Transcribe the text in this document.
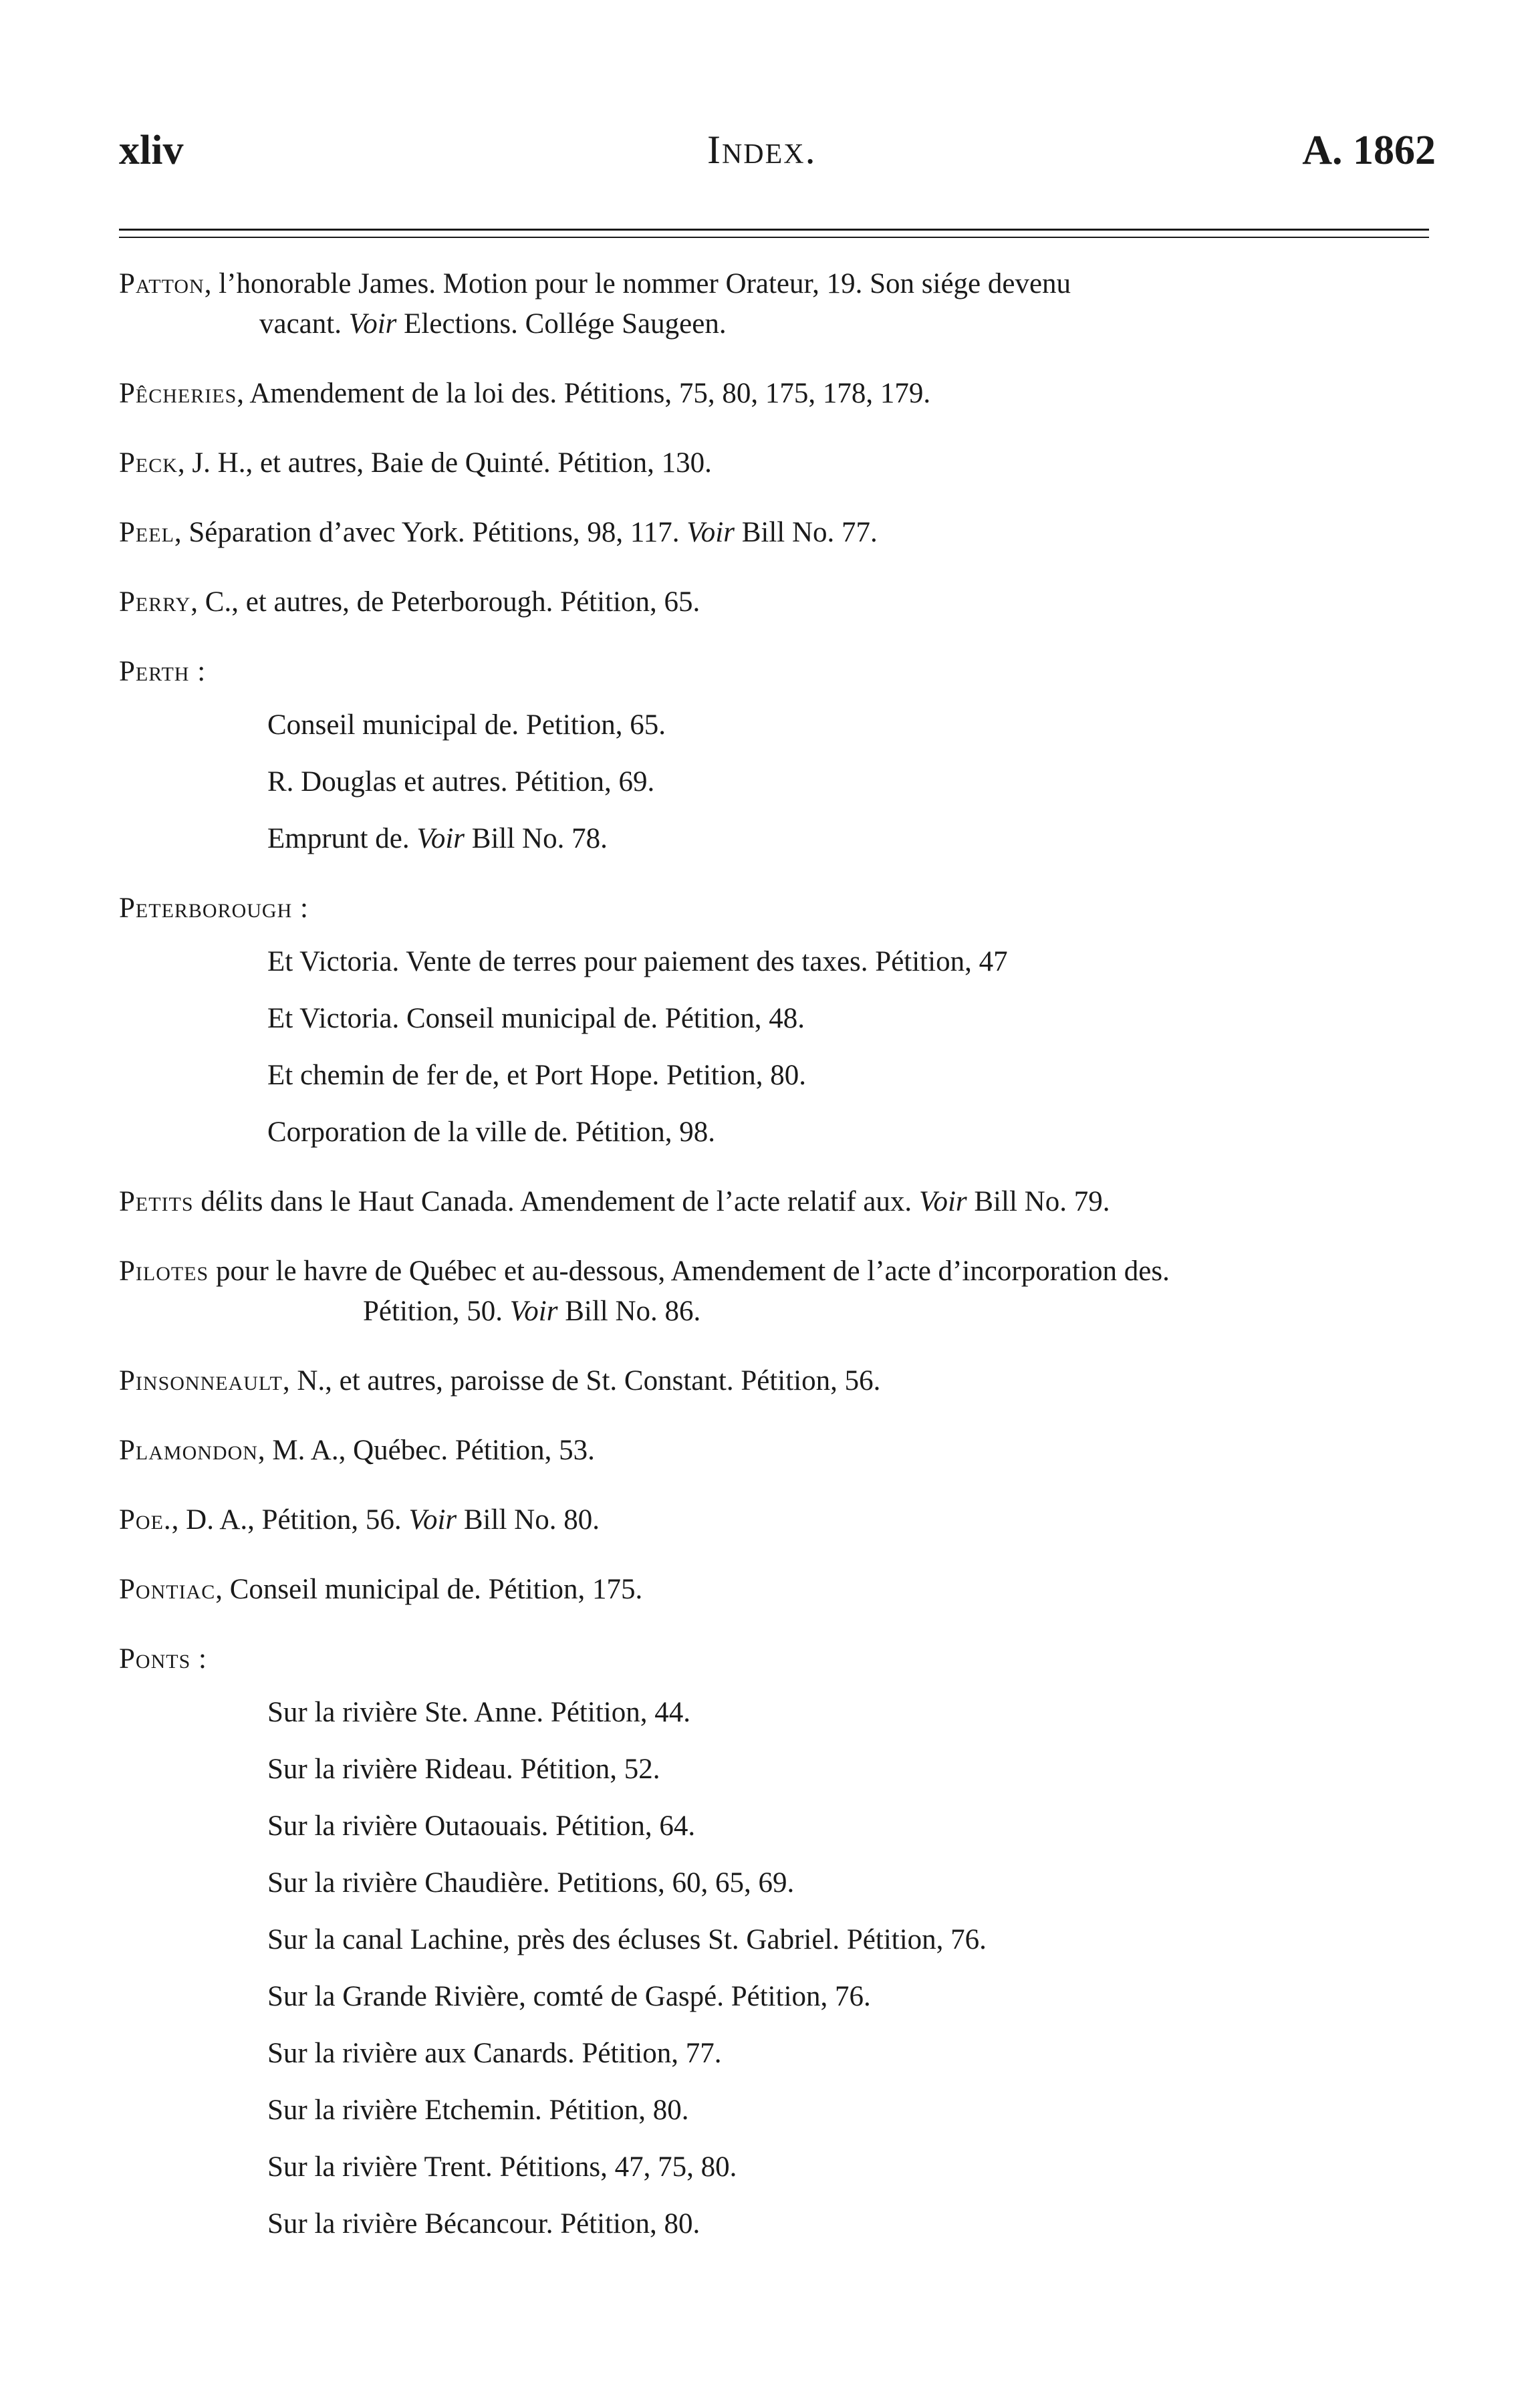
xliv	Index.	A. 1862
Patton, l’honorable James. Motion pour le nommer Orateur, 19. Son siége devenu
vacant. Voir Elections. Collége Saugeen.
Pêcheries, Amendement de la loi des. Pétitions, 75, 80, 175, 178, 179.
Peck, J. H., et autres, Baie de Quinté. Pétition, 130.
Peel, Séparation d’avec York. Pétitions, 98, 117. Voir Bill No. 77.
Perry, C., et autres, de Peterborough. Pétition, 65.
Perth :
Conseil municipal de. Petition, 65.
R. Douglas et autres. Pétition, 69.
Emprunt de. Voir Bill No. 78.
Peterborough :
Et Victoria. Vente de terres pour paiement des taxes. Pétition, 47
Et Victoria. Conseil municipal de. Pétition, 48.
Et chemin de fer de, et Port Hope. Petition, 80.
Corporation de la ville de. Pétition, 98.
Petits délits dans le Haut Canada. Amendement de l’acte relatif aux. Voir Bill No. 79.
Pilotes pour le havre de Québec et au-dessous, Amendement de l’acte d’incorporation des.
Pétition, 50. Voir Bill No. 86.
Pinsonneault, N., et autres, paroisse de St. Constant. Pétition, 56.
Plamondon, M. A., Québec. Pétition, 53.
Poe., D. A., Pétition, 56. Voir Bill No. 80.
Pontiac, Conseil municipal de. Pétition, 175.
Ponts :
Sur la rivière Ste. Anne. Pétition, 44.
Sur la rivière Rideau. Pétition, 52.
Sur la rivière Outaouais. Pétition, 64.
Sur la rivière Chaudière. Petitions, 60, 65, 69.
Sur la canal Lachine, près des écluses St. Gabriel. Pétition, 76.
Sur la Grande Rivière, comté de Gaspé. Pétition, 76.
Sur la rivière aux Canards. Pétition, 77.
Sur la rivière Etchemin. Pétition, 80.
Sur la rivière Trent. Pétitions, 47, 75, 80.
Sur la rivière Bécancour. Pétition, 80.
